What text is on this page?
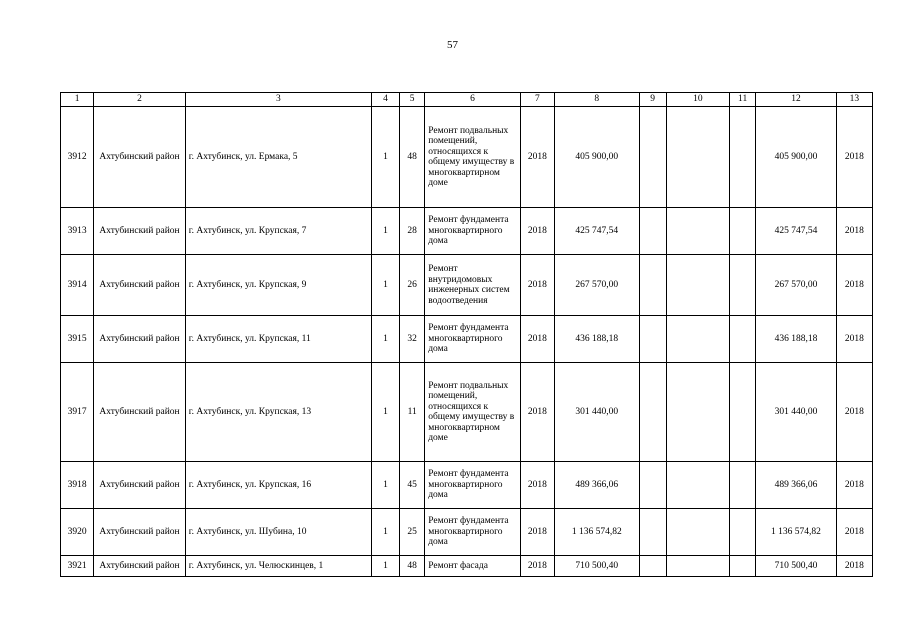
57
1	2	3	4	5	6	7	8	9	10	11	12	13
3912	Ахтубинский район	г. Ахтубинск, ул. Ермака, 5	1	48	Ремонт подвальных помещений, относящихся к общему имуществу в многоквартирном доме	2018	405 900,00				405 900,00	2018
3913	Ахтубинский район	г. Ахтубинск, ул. Крупская, 7	1	28	Ремонт фундамента многоквартирного дома	2018	425 747,54				425 747,54	2018
3914	Ахтубинский район	г. Ахтубинск, ул. Крупская, 9	1	26	Ремонт внутридомовых инженерных систем водоотведения	2018	267 570,00				267 570,00	2018
3915	Ахтубинский район	г. Ахтубинск, ул. Крупская, 11	1	32	Ремонт фундамента многоквартирного дома	2018	436 188,18				436 188,18	2018
3917	Ахтубинский район	г. Ахтубинск, ул. Крупская, 13	1	11	Ремонт подвальных помещений, относящихся к общему имуществу в многоквартирном доме	2018	301 440,00				301 440,00	2018
3918	Ахтубинский район	г. Ахтубинск, ул. Крупская, 16	1	45	Ремонт фундамента многоквартирного дома	2018	489 366,06				489 366,06	2018
3920	Ахтубинский район	г. Ахтубинск, ул. Шубина, 10	1	25	Ремонт фундамента многоквартирного дома	2018	1 136 574,82				1 136 574,82	2018
3921	Ахтубинский район	г. Ахтубинск, ул. Челюскинцев, 1	1	48	Ремонт фасада	2018	710 500,40				710 500,40	2018
